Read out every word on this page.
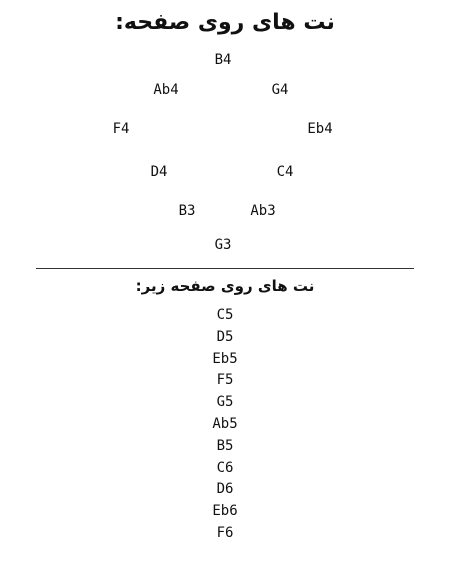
نت های روی صفحه:
B4
G4
Eb4
C4
Ab3
G3
B3
D4
F4
Ab4
نت های روی صفحه زیر:
C5
D5
Eb5
F5
G5
Ab5
B5
C6
D6
Eb6
F6
